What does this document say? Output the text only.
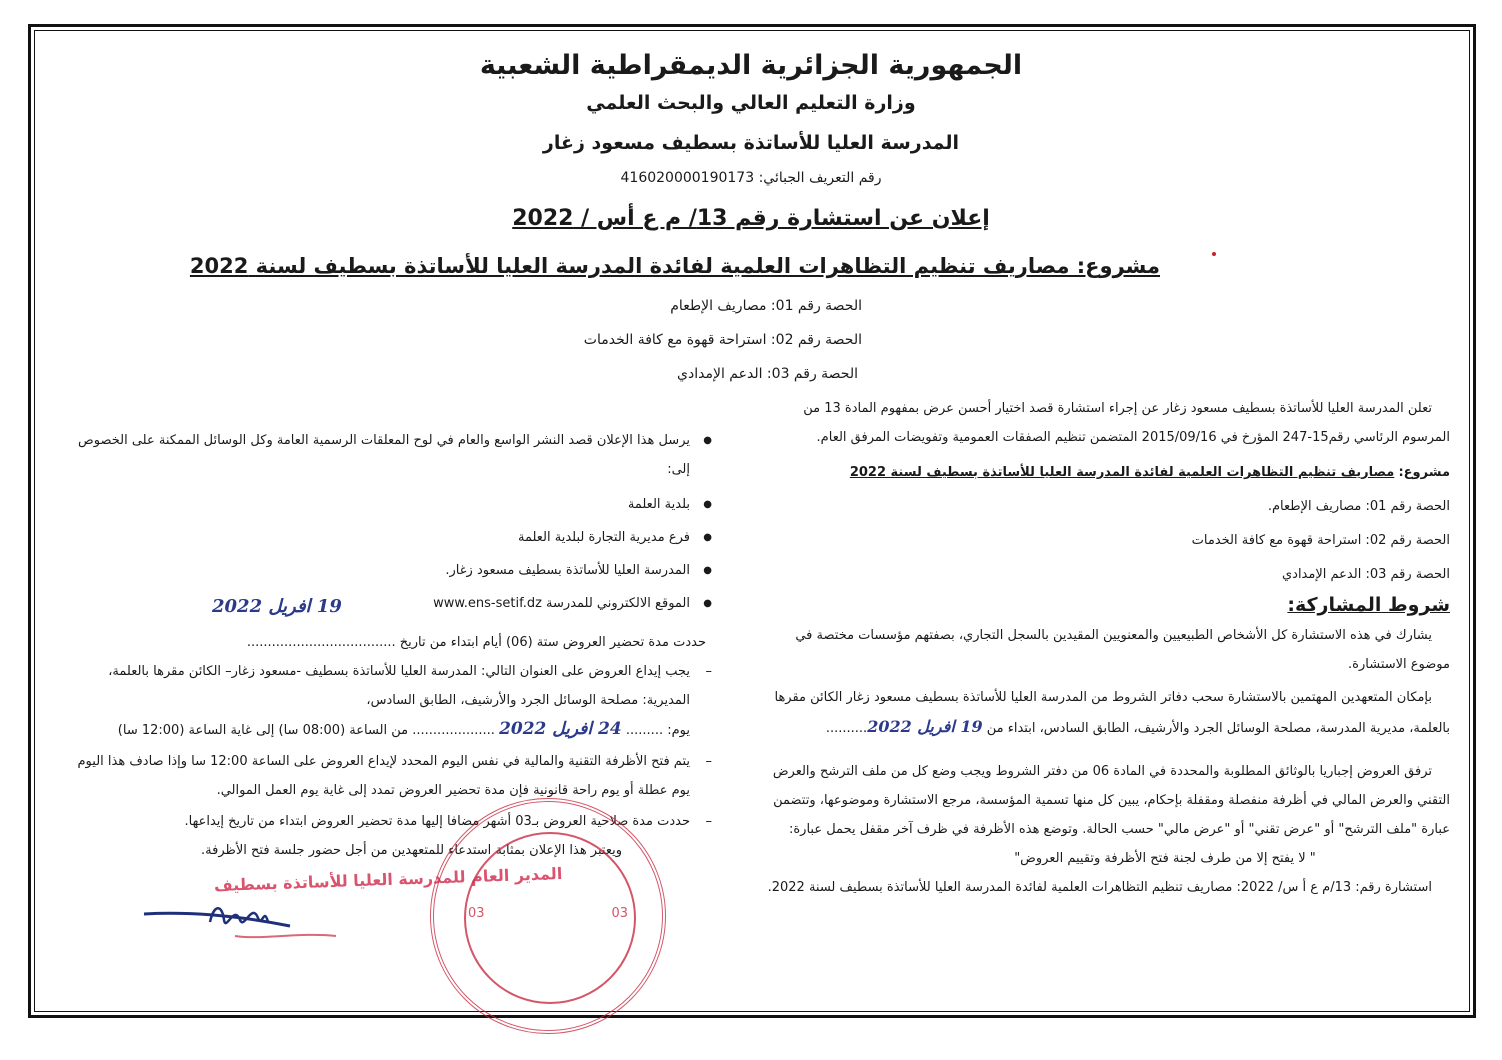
الجمهورية الجزائرية الديمقراطية الشعبية
وزارة التعليم العالي والبحث العلمي
المدرسة العليا للأساتذة بسطيف مسعود زغار
رقم التعريف الجبائي: 416020000190173
إعلان عن استشارة رقم 13/ م ع أس / 2022
مشروع: مصاريف تنظيم التظاهرات العلمية لفائدة المدرسة العليا للأساتذة بسطيف لسنة 2022
الحصة رقم 01: مصاريف الإطعام
الحصة رقم 02: استراحة قهوة مع كافة الخدمات
الحصة رقم 03: الدعم الإمدادي

تعلن المدرسة العليا للأساتذة بسطيف مسعود زغار عن إجراء استشارة قصد اختيار أحسن عرض بمفهوم المادة 13 من المرسوم الرئاسي رقم15-247 المؤرخ في 2015/09/16 المتضمن تنظيم الصفقات العمومية وتفويضات المرفق العام.

مشروع: مصاريف تنظيم التظاهرات العلمية لفائدة المدرسة العليا للأساتذة بسطيف لسنة 2022

الحصة رقم 01: مصاريف الإطعام.

الحصة رقم 02: استراحة قهوة مع كافة الخدمات

الحصة رقم 03: الدعم الإمدادي

شروط المشاركة:

يشارك في هذه الاستشارة كل الأشخاص الطبيعيين والمعنويين المقيدين بالسجل التجاري، بصفتهم مؤسسات مختصة في موضوع الاستشارة.

بإمكان المتعهدين المهتمين بالاستشارة سحب دفاتر الشروط من المدرسة العليا للأساتذة بسطيف مسعود زغار الكائن مقرها بالعلمة، مديرية المدرسة، مصلحة الوسائل الجرد والأرشيف، الطابق السادس، ابتداء من 19 افريل 2022..........

ترفق العروض إجباريا بالوثائق المطلوبة والمحددة في المادة 06 من دفتر الشروط ويجب وضع كل من ملف الترشح والعرض التقني والعرض المالي في أظرفة منفصلة ومقفلة بإحكام، يبين كل منها تسمية المؤسسة، مرجع الاستشارة وموضوعها، وتتضمن عبارة "ملف الترشح" أو "عرض تقني" أو "عرض مالي" حسب الحالة. وتوضع هذه الأظرفة في ظرف آخر مقفل يحمل عبارة:

" لا يفتح إلا من طرف لجنة فتح الأظرفة وتقييم العروض"

استشارة رقم: 13/م ع أ س/ 2022: مصاريف تنظيم التظاهرات العلمية لفائدة المدرسة العليا للأساتذة بسطيف لسنة 2022.

● يرسل هذا الإعلان قصد النشر الواسع والعام في لوح المعلقات الرسمية العامة وكل الوسائل الممكنة على الخصوص إلى:
● بلدية العلمة
● فرع مديرية التجارة لبلدية العلمة
● المدرسة العليا للأساتذة بسطيف مسعود زغار.
● الموقع الالكتروني للمدرسة www.ens-setif.dz
19 افريل 2022

حددت مدة تحضير العروض ستة (06) أيام ابتداء من تاريخ ....................................

– يجب إيداع العروض على العنوان التالي: المدرسة العليا للأساتذة بسطيف -مسعود زغار– الكائن مقرها بالعلمة، المديرية: مصلحة الوسائل الجرد والأرشيف، الطابق السادس،
يوم: ......... 24 افريل 2022 .................... من الساعة (08:00 سا) إلى غاية الساعة (12:00 سا)
– يتم فتح الأظرفة التقنية والمالية في نفس اليوم المحدد لإيداع العروض على الساعة 12:00 سا وإذا صادف هذا اليوم يوم عطلة أو يوم راحة قانونية فإن مدة تحضير العروض تمدد إلى غاية يوم العمل الموالي.
– حددت مدة صلاحية العروض بـ03 أشهر مضافا إليها مدة تحضير العروض ابتداء من تاريخ إيداعها.

ويعتبر هذا الإعلان بمثابة استدعاء للمتعهدين من أجل حضور جلسة فتح الأظرفة.

03	03
المدير العام للمدرسة العليا للأساتذة بسطيف
